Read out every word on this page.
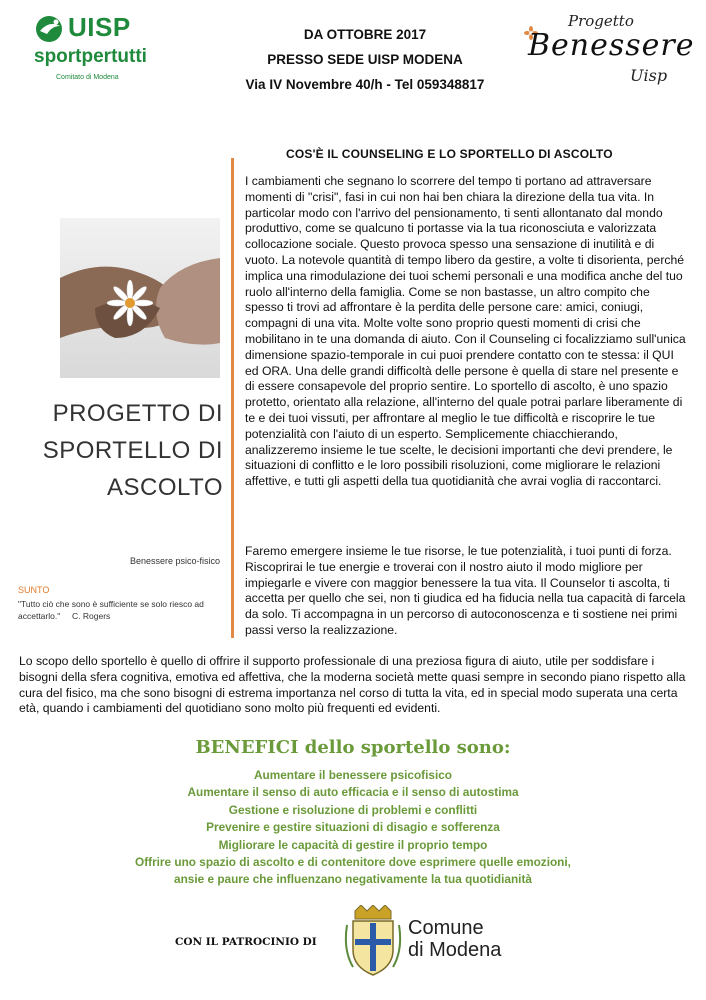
UISP
sportpertutti
Comitato di Modena
DA OTTOBRE 2017
PRESSO SEDE UISP MODENA
Via IV Novembre 40/h - Tel 059348817
Progetto
Benessere
Uisp
PROGETTO DI
SPORTELLO DI
ASCOLTO
Benessere psico-fisico
SUNTO
"Tutto ciò che sono è sufficiente se solo riesco ad accettarlo."     C. Rogers
COS'È IL COUNSELING E LO SPORTELLO DI ASCOLTO
I cambiamenti che segnano lo scorrere del tempo ti portano ad attraversare momenti di "crisi", fasi in cui non hai ben chiara la direzione della tua vita. In particolar modo con l'arrivo del pensionamento, ti senti allontanato dal mondo produttivo, come se qualcuno ti portasse via la tua riconosciuta e valorizzata collocazione sociale. Questo provoca spesso una sensazione di inutilità e di vuoto. La notevole quantità di tempo libero da gestire, a volte ti disorienta, perché implica una rimodulazione dei tuoi schemi personali e una modifica anche del tuo ruolo all'interno della famiglia. Come se non bastasse, un altro compito che spesso ti trovi ad affrontare è la perdita delle persone care: amici, coniugi, compagni di una vita. Molte volte sono proprio questi momenti di crisi che mobilitano in te una domanda di aiuto. Con il Counseling ci focalizziamo sull'unica dimensione spazio-temporale in cui puoi prendere contatto con te stessa: il QUI ed ORA. Una delle grandi difficoltà delle persone è quella di stare nel presente e di essere consapevole del proprio sentire. Lo sportello di ascolto, è uno spazio protetto, orientato alla relazione, all'interno del quale potrai parlare liberamente di te e dei tuoi vissuti, per affrontare al meglio le tue difficoltà e riscoprire le tue potenzialità con l'aiuto di un esperto. Semplicemente chiacchierando, analizzeremo insieme le tue scelte, le decisioni importanti che devi prendere, le situazioni di conflitto e le loro possibili risoluzioni, come migliorare le relazioni affettive, e tutti gli aspetti della tua quotidianità che avrai voglia di raccontarci.
Faremo emergere insieme le tue risorse, le tue potenzialità, i tuoi punti di forza. Riscoprirai le tue energie e troverai con il nostro aiuto il modo migliore per impiegarle e vivere con maggior benessere la tua vita. Il Counselor ti ascolta, ti accetta per quello che sei, non ti giudica ed ha fiducia nella tua capacità di farcela da solo. Ti accompagna in un percorso di autoconoscenza e ti sostiene nei primi passi verso la realizzazione.
Lo scopo dello sportello è quello di offrire il supporto professionale di una preziosa figura di aiuto, utile per soddisfare i bisogni della sfera cognitiva, emotiva ed affettiva, che la moderna società mette quasi sempre in secondo piano rispetto alla cura del fisico, ma che sono bisogni di estrema importanza nel corso di tutta la vita, ed in special modo superata una certa età, quando i cambiamenti del quotidiano sono molto più frequenti ed evidenti.
BENEFICI dello sportello sono:
Aumentare il benessere psicofisico
Aumentare il senso di auto efficacia e il senso di autostima
Gestione e risoluzione di problemi e conflitti
Prevenire e gestire situazioni di disagio e sofferenza
Migliorare le capacità di gestire il proprio tempo
Offrire uno spazio di ascolto e di contenitore dove esprimere quelle emozioni,
ansie e paure che influenzano negativamente la tua quotidianità
CON IL PATROCINIO DI
Comune
di Modena
